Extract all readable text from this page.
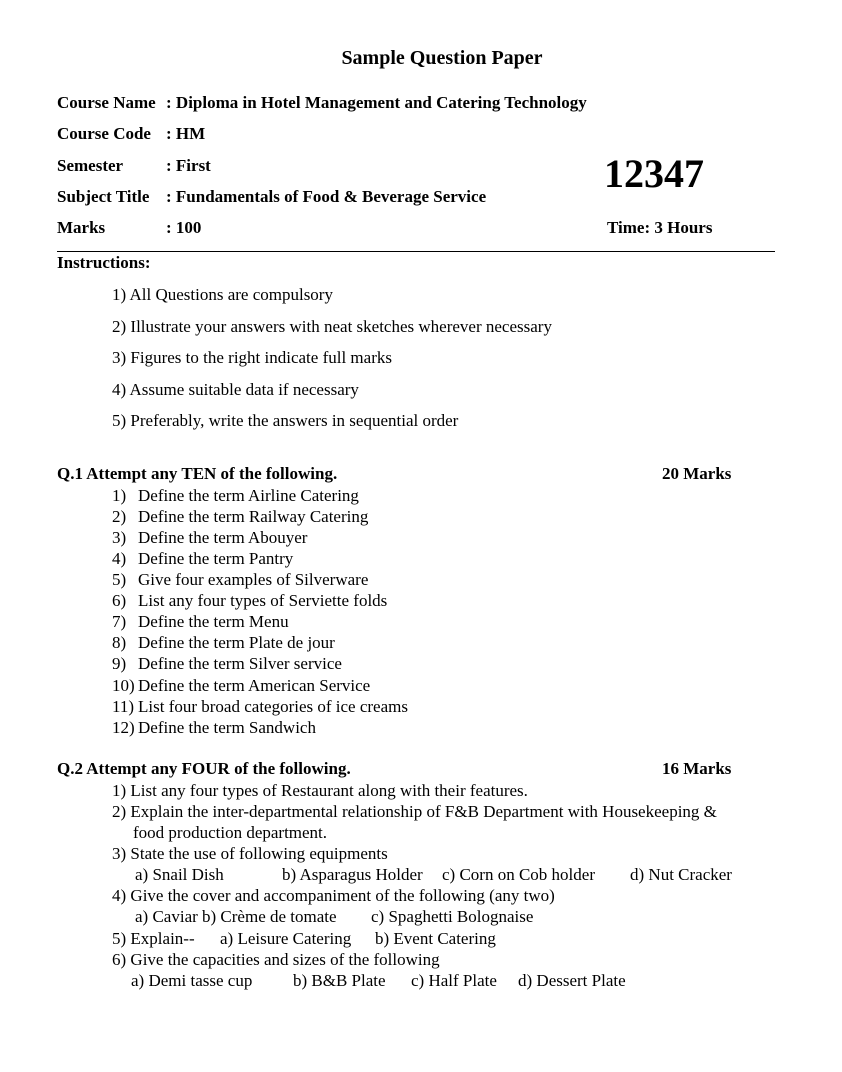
Sample Question Paper
Course Name : Diploma in Hotel Management and Catering Technology
Course Code : HM
Semester	: First
Subject Title : Fundamentals of Food & Beverage Service
Marks	: 100
12347
Time: 3 Hours
Instructions:
1) All Questions are compulsory
2) Illustrate your answers with neat sketches wherever necessary
3) Figures to the right indicate full marks
4) Assume suitable data if necessary
5) Preferably, write the answers in sequential order
Q.1 Attempt any TEN of the following.	20 Marks
1) Define the term Airline Catering
2) Define the term Railway Catering
3) Define the term Abouyer
4) Define the term Pantry
5) Give four examples of Silverware
6) List any four types of Serviette folds
7) Define the term Menu
8) Define the term Plate de jour
9) Define the term Silver service
10) Define the term American Service
11) List four broad categories of ice creams
12) Define the term Sandwich
Q.2 Attempt any FOUR of the following.	16 Marks
1) List any four types of Restaurant along with their features.
2) Explain the inter-departmental relationship of F&B Department with Housekeeping &
food production department.
3) State the use of following equipments
a) Snail Dish	b) Asparagus Holder c) Corn on Cob holder d) Nut Cracker
4) Give the cover and accompaniment of the following (any two)
a) Caviar b) Crème de tomate c) Spaghetti Bolognaise
5) Explain-- a) Leisure Catering b) Event Catering
6) Give the capacities and sizes of the following
a) Demi tasse cup b) B&B Plate c) Half Plate d) Dessert Plate
